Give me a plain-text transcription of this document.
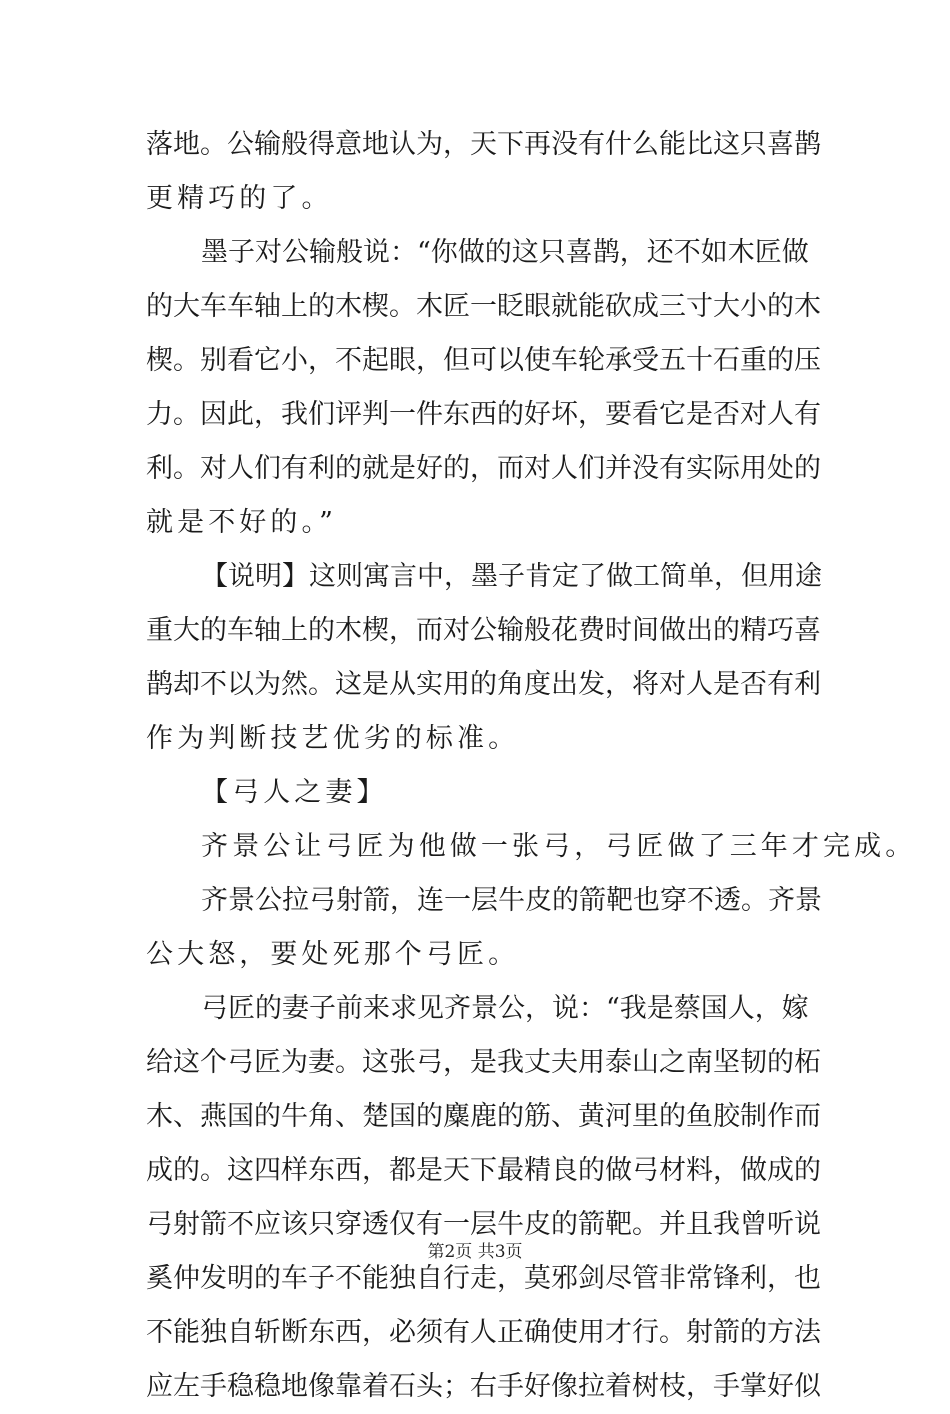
落地。公输般得意地认为，天下再没有什么能比这只喜鹊
更精巧的了。
墨子对公输般说：“你做的这只喜鹊，还不如木匠做
的大车车轴上的木楔。木匠一眨眼就能砍成三寸大小的木
楔。别看它小，不起眼，但可以使车轮承受五十石重的压
力。因此，我们评判一件东西的好坏，要看它是否对人有
利。对人们有利的就是好的，而对人们并没有实际用处的
就是不好的。”
【说明】这则寓言中，墨子肯定了做工简单，但用途
重大的车轴上的木楔，而对公输般花费时间做出的精巧喜
鹊却不以为然。这是从实用的角度出发，将对人是否有利
作为判断技艺优劣的标准。
【弓人之妻】
齐景公让弓匠为他做一张弓，弓匠做了三年才完成。
齐景公拉弓射箭，连一层牛皮的箭靶也穿不透。齐景
公大怒，要处死那个弓匠。
弓匠的妻子前来求见齐景公，说：“我是蔡国人，嫁
给这个弓匠为妻。这张弓，是我丈夫用泰山之南坚韧的柘
木、燕国的牛角、楚国的麋鹿的筋、黄河里的鱼胶制作而
成的。这四样东西，都是天下最精良的做弓材料，做成的
弓射箭不应该只穿透仅有一层牛皮的箭靶。并且我曾听说
奚仲发明的车子不能独自行走，莫邪剑尽管非常锋利，也
不能独自斩断东西，必须有人正确使用才行。射箭的方法
应左手稳稳地像靠着石头；右手好像拉着树枝，手掌好似
第2页 共3页
